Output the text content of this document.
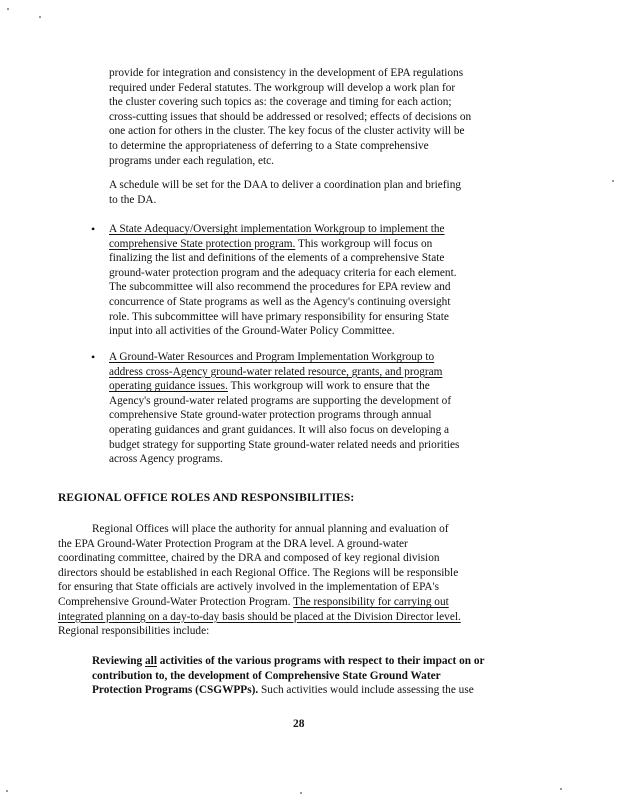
provide for integration and consistency in the development of EPA regulations
required under Federal statutes. The workgroup will develop a work plan for
the cluster covering such topics as: the coverage and timing for each action;
cross-cutting issues that should be addressed or resolved; effects of decisions on
one action for others in the cluster. The key focus of the cluster activity will be
to determine the appropriateness of deferring to a State comprehensive
programs under each regulation, etc.
A schedule will be set for the DAA to deliver a coordination plan and briefing
to the DA.
• A State Adequacy/Oversight implementation Workgroup to implement the
comprehensive State protection program. This workgroup will focus on
finalizing the list and definitions of the elements of a comprehensive State
ground-water protection program and the adequacy criteria for each element.
The subcommittee will also recommend the procedures for EPA review and
concurrence of State programs as well as the Agency's continuing oversight
role. This subcommittee will have primary responsibility for ensuring State
input into all activities of the Ground-Water Policy Committee.
• A Ground-Water Resources and Program Implementation Workgroup to
address cross-Agency ground-water related resource, grants, and program
operating guidance issues. This workgroup will work to ensure that the
Agency's ground-water related programs are supporting the development of
comprehensive State ground-water protection programs through annual
operating guidances and grant guidances. It will also focus on developing a
budget strategy for supporting State ground-water related needs and priorities
across Agency programs.
REGIONAL OFFICE ROLES AND RESPONSIBILITIES:
Regional Offices will place the authority for annual planning and evaluation of
the EPA Ground-Water Protection Program at the DRA level. A ground-water
coordinating committee, chaired by the DRA and composed of key regional division
directors should be established in each Regional Office. The Regions will be responsible
for ensuring that State officials are actively involved in the implementation of EPA's
Comprehensive Ground-Water Protection Program. The responsibility for carrying out
integrated planning on a day-to-day basis should be placed at the Division Director level.
Regional responsibilities include:
Reviewing all activities of the various programs with respect to their impact on or
contribution to, the development of Comprehensive State Ground Water
Protection Programs (CSGWPPs). Such activities would include assessing the use
28
